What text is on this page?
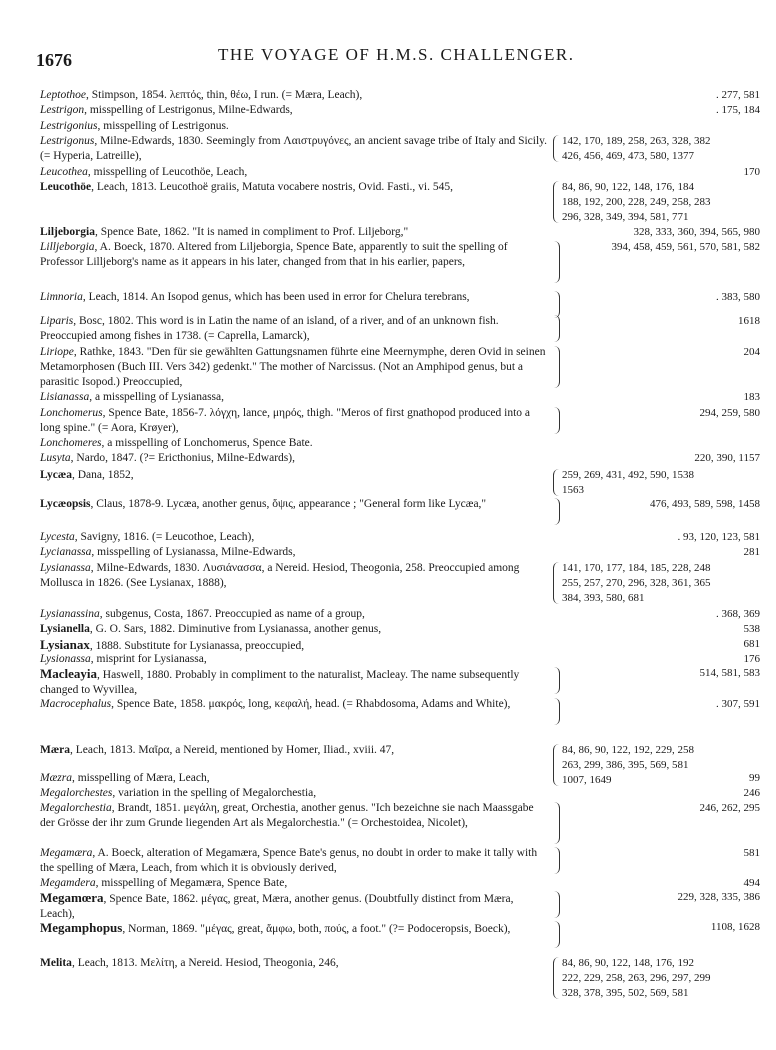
1676	THE VOYAGE OF H.M.S. CHALLENGER.
Leptothoe, Stimpson, 1854. λεπτός, thin, θέω, I run. (= Mæra, Leach),	. 277, 581
Lestrigon, misspelling of Lestrigonus, Milne-Edwards,	. 175, 184
Lestrigonius, misspelling of Lestrigonus.
Lestrigonus, Milne-Edwards, 1830. Seemingly from Λαιστρυγόνες, an ancient savage tribe of Italy and Sicily. (= Hyperia, Latreille),
142, 170, 189, 258, 263, 328, 382
426, 456, 469, 473, 580, 1377
Leucothea, misspelling of Leucothöe, Leach,	170
Leucothöe, Leach, 1813. Leucothoë graiis, Matuta vocabere nostris, Ovid. Fasti., vi. 545,	84, 86, 90, 122, 148, 176, 184
188, 192, 200, 228, 249, 258, 283
296, 328, 349, 394, 581, 771
Liljeborgia, Spence Bate, 1862. "It is named in compliment to Prof. Liljeborg,"	328, 333, 360, 394, 565, 980
Lilljeborgia, A. Boeck, 1870. Altered from Liljeborgia, Spence Bate, apparently to suit the spelling of Professor Lilljeborg's name as it appears in his later, changed from that in his earlier, papers,
394, 458, 459, 561, 570, 581, 582
Limnoria, Leach, 1814. An Isopod genus, which has been used in error for Chelura terebrans,	. 383, 580
Liparis, Bosc, 1802. This word is in Latin the name of an island, of a river, and of an unknown fish. Preoccupied among fishes in 1738. (= Caprella, Lamarck),
1618
Liriope, Rathke, 1843. "Den für sie gewählten Gattungsnamen führte eine Meernymphe, deren Ovid in seinen Metamorphosen (Buch III. Vers 342) gedenkt." The mother of Narcissus. (Not an Amphipod genus, but a parasitic Isopod.) Preoccupied,
204
Lisianassa, a misspelling of Lysianassa,	183
Lonchomerus, Spence Bate, 1856-7. λόγχη, lance, μηρός, thigh. "Meros of first gnathopod produced into a long spine." (= Aora, Krøyer),
294, 259, 580
Lonchomeres, a misspelling of Lonchomerus, Spence Bate.
Lusyta, Nardo, 1847. (?= Ericthonius, Milne-Edwards),	220, 390, 1157
Lycæa, Dana, 1852,	259, 269, 431, 492, 590, 1538
1563
Lycæopsis, Claus, 1878-9. Lycæa, another genus, ὄψις, appearance ; "General form like Lycæa,"	476, 493, 589, 598, 1458
Lycesta, Savigny, 1816. (= Leucothoe, Leach),	. 93, 120, 123, 581
Lycianassa, misspelling of Lysianassa, Milne-Edwards,	281
Lysianassa, Milne-Edwards, 1830. Λυσιάνασσα, a Nereid. Hesiod, Theogonia, 258. Preoccupied among Mollusca in 1826. (See Lysianax, 1888),
141, 170, 177, 184, 185, 228, 248
255, 257, 270, 296, 328, 361, 365
384, 393, 580, 681
Lysianassina, subgenus, Costa, 1867. Preoccupied as name of a group,	. 368, 369
Lysianella, G. O. Sars, 1882. Diminutive from Lysianassa, another genus,	538
Lysianax, 1888. Substitute for Lysianassa, preoccupied,	681
Lysionassa, misprint for Lysianassa,	176
Macleayia, Haswell, 1880. Probably in compliment to the naturalist, Macleay. The name subsequently changed to Wyvillea,
514, 581, 583
Macrocephalus, Spence Bate, 1858. μακρός, long, κεφαλή, head. (= Rhabdosoma, Adams and White),	. 307, 591
Mæra, Leach, 1813. Μαῖρα, a Nereid, mentioned by Homer, Iliad., xviii. 47,	84, 86, 90, 122, 192, 229, 258
263, 299, 386, 395, 569, 581
1007, 1649
Mæzra, misspelling of Mæra, Leach,	99
Megalorchestes, variation in the spelling of Megalorchestia,	246
Megalorchestia, Brandt, 1851. μεγάλη, great, Orchestia, another genus. "Ich bezeichne sie nach Maassgabe der Grösse der ihr zum Grunde liegenden Art als Megalorchestia." (= Orchestoidea, Nicolet),
246, 262, 295
Megamæra, A. Boeck, alteration of Megamæra, Spence Bate's genus, no doubt in order to make it tally with the spelling of Mæra, Leach, from which it is obviously derived,
581
Megamdera, misspelling of Megamæra, Spence Bate,	494
Megamœra, Spence Bate, 1862. μέγας, great, Mæra, another genus. (Doubtfully distinct from Mæra, Leach),
229, 328, 335, 386
Megamphopus, Norman, 1869. "μέγας, great, ἄμφω, both, πούς, a foot." (?= Podoceropsis, Boeck),	1108, 1628
Melita, Leach, 1813. Μελίτη, a Nereid. Hesiod, Theogonia, 246,	84, 86, 90, 122, 148, 176, 192
222, 229, 258, 263, 296, 297, 299
328, 378, 395, 502, 569, 581
